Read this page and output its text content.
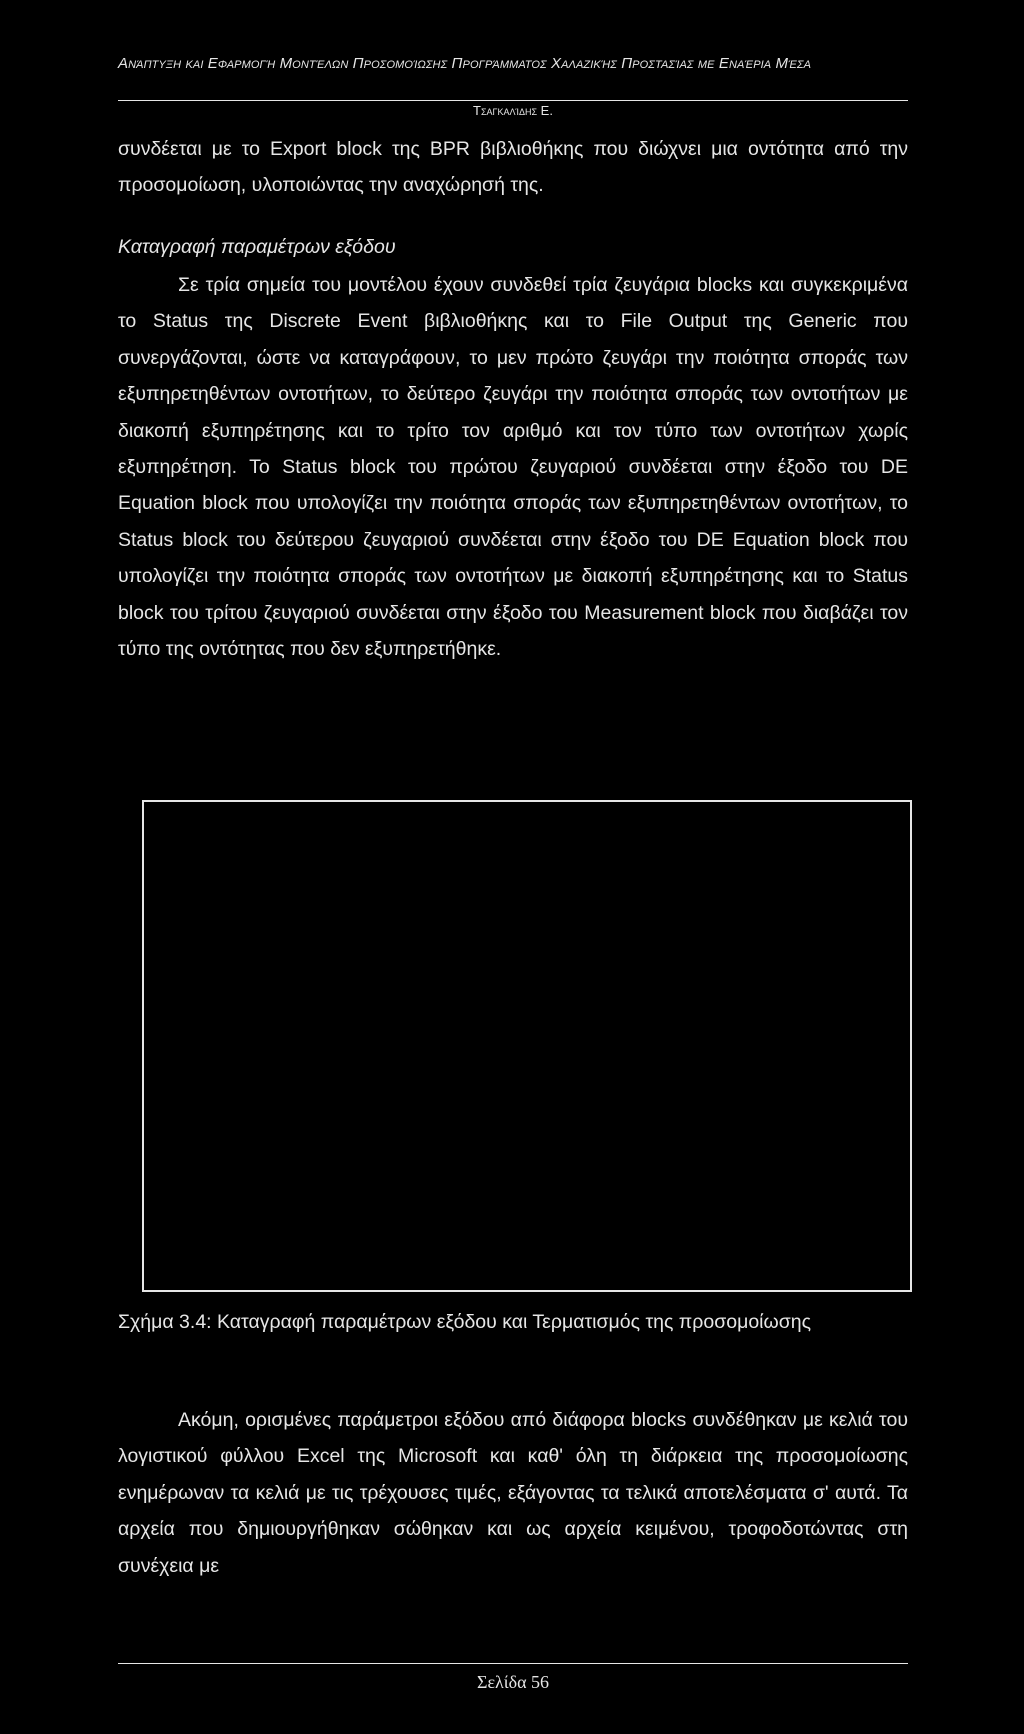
Ανάπτυξη και Εφαρμογή Μοντέλων Προσομοίωσης Προγράμματος Χαλαζικής Προστασίας με Εναέρια Μέσα
Τσαγκαλίδης Ε.

συνδέεται με το Export block της BPR βιβλιοθήκης που διώχνει μια οντότητα από την προσομοίωση, υλοποιώντας την αναχώρησή της.

Καταγραφή παραμέτρων εξόδου

Σε τρία σημεία του μοντέλου έχουν συνδεθεί τρία ζευγάρια blocks και συγκεκριμένα το Status της Discrete Event βιβλιοθήκης και το File Output της Generic που συνεργάζονται, ώστε να καταγράφουν, το μεν πρώτο ζευγάρι την ποιότητα σποράς των εξυπηρετηθέντων οντοτήτων, το δεύτερο ζευγάρι την ποιότητα σποράς των οντοτήτων με διακοπή εξυπηρέτησης και το τρίτο τον αριθμό και τον τύπο των οντοτήτων χωρίς εξυπηρέτηση. Το Status block του πρώτου ζευγαριού συνδέεται στην έξοδο του DE Equation block που υπολογίζει την ποιότητα σποράς των εξυπηρετηθέντων οντοτήτων, το Status block του δεύτερου ζευγαριού συνδέεται στην έξοδο του DE Equation block που υπολογίζει την ποιότητα σποράς των οντοτήτων με διακοπή εξυπηρέτησης και το Status block του τρίτου ζευγαριού συνδέεται στην έξοδο του Measurement block που διαβάζει τον τύπο της οντότητας που δεν εξυπηρετήθηκε.

Σχήμα 3.4: Καταγραφή παραμέτρων εξόδου και Τερματισμός της προσομοίωσης

Ακόμη, ορισμένες παράμετροι εξόδου από διάφορα blocks συνδέθηκαν με κελιά του λογιστικού φύλλου Excel της Microsoft και καθ' όλη τη διάρκεια της προσομοίωσης ενημέρωναν τα κελιά με τις τρέχουσες τιμές, εξάγοντας τα τελικά αποτελέσματα σ' αυτά. Τα αρχεία που δημιουργήθηκαν σώθηκαν και ως αρχεία κειμένου, τροφοδοτώντας στη συνέχεια με

Σελίδα 56
